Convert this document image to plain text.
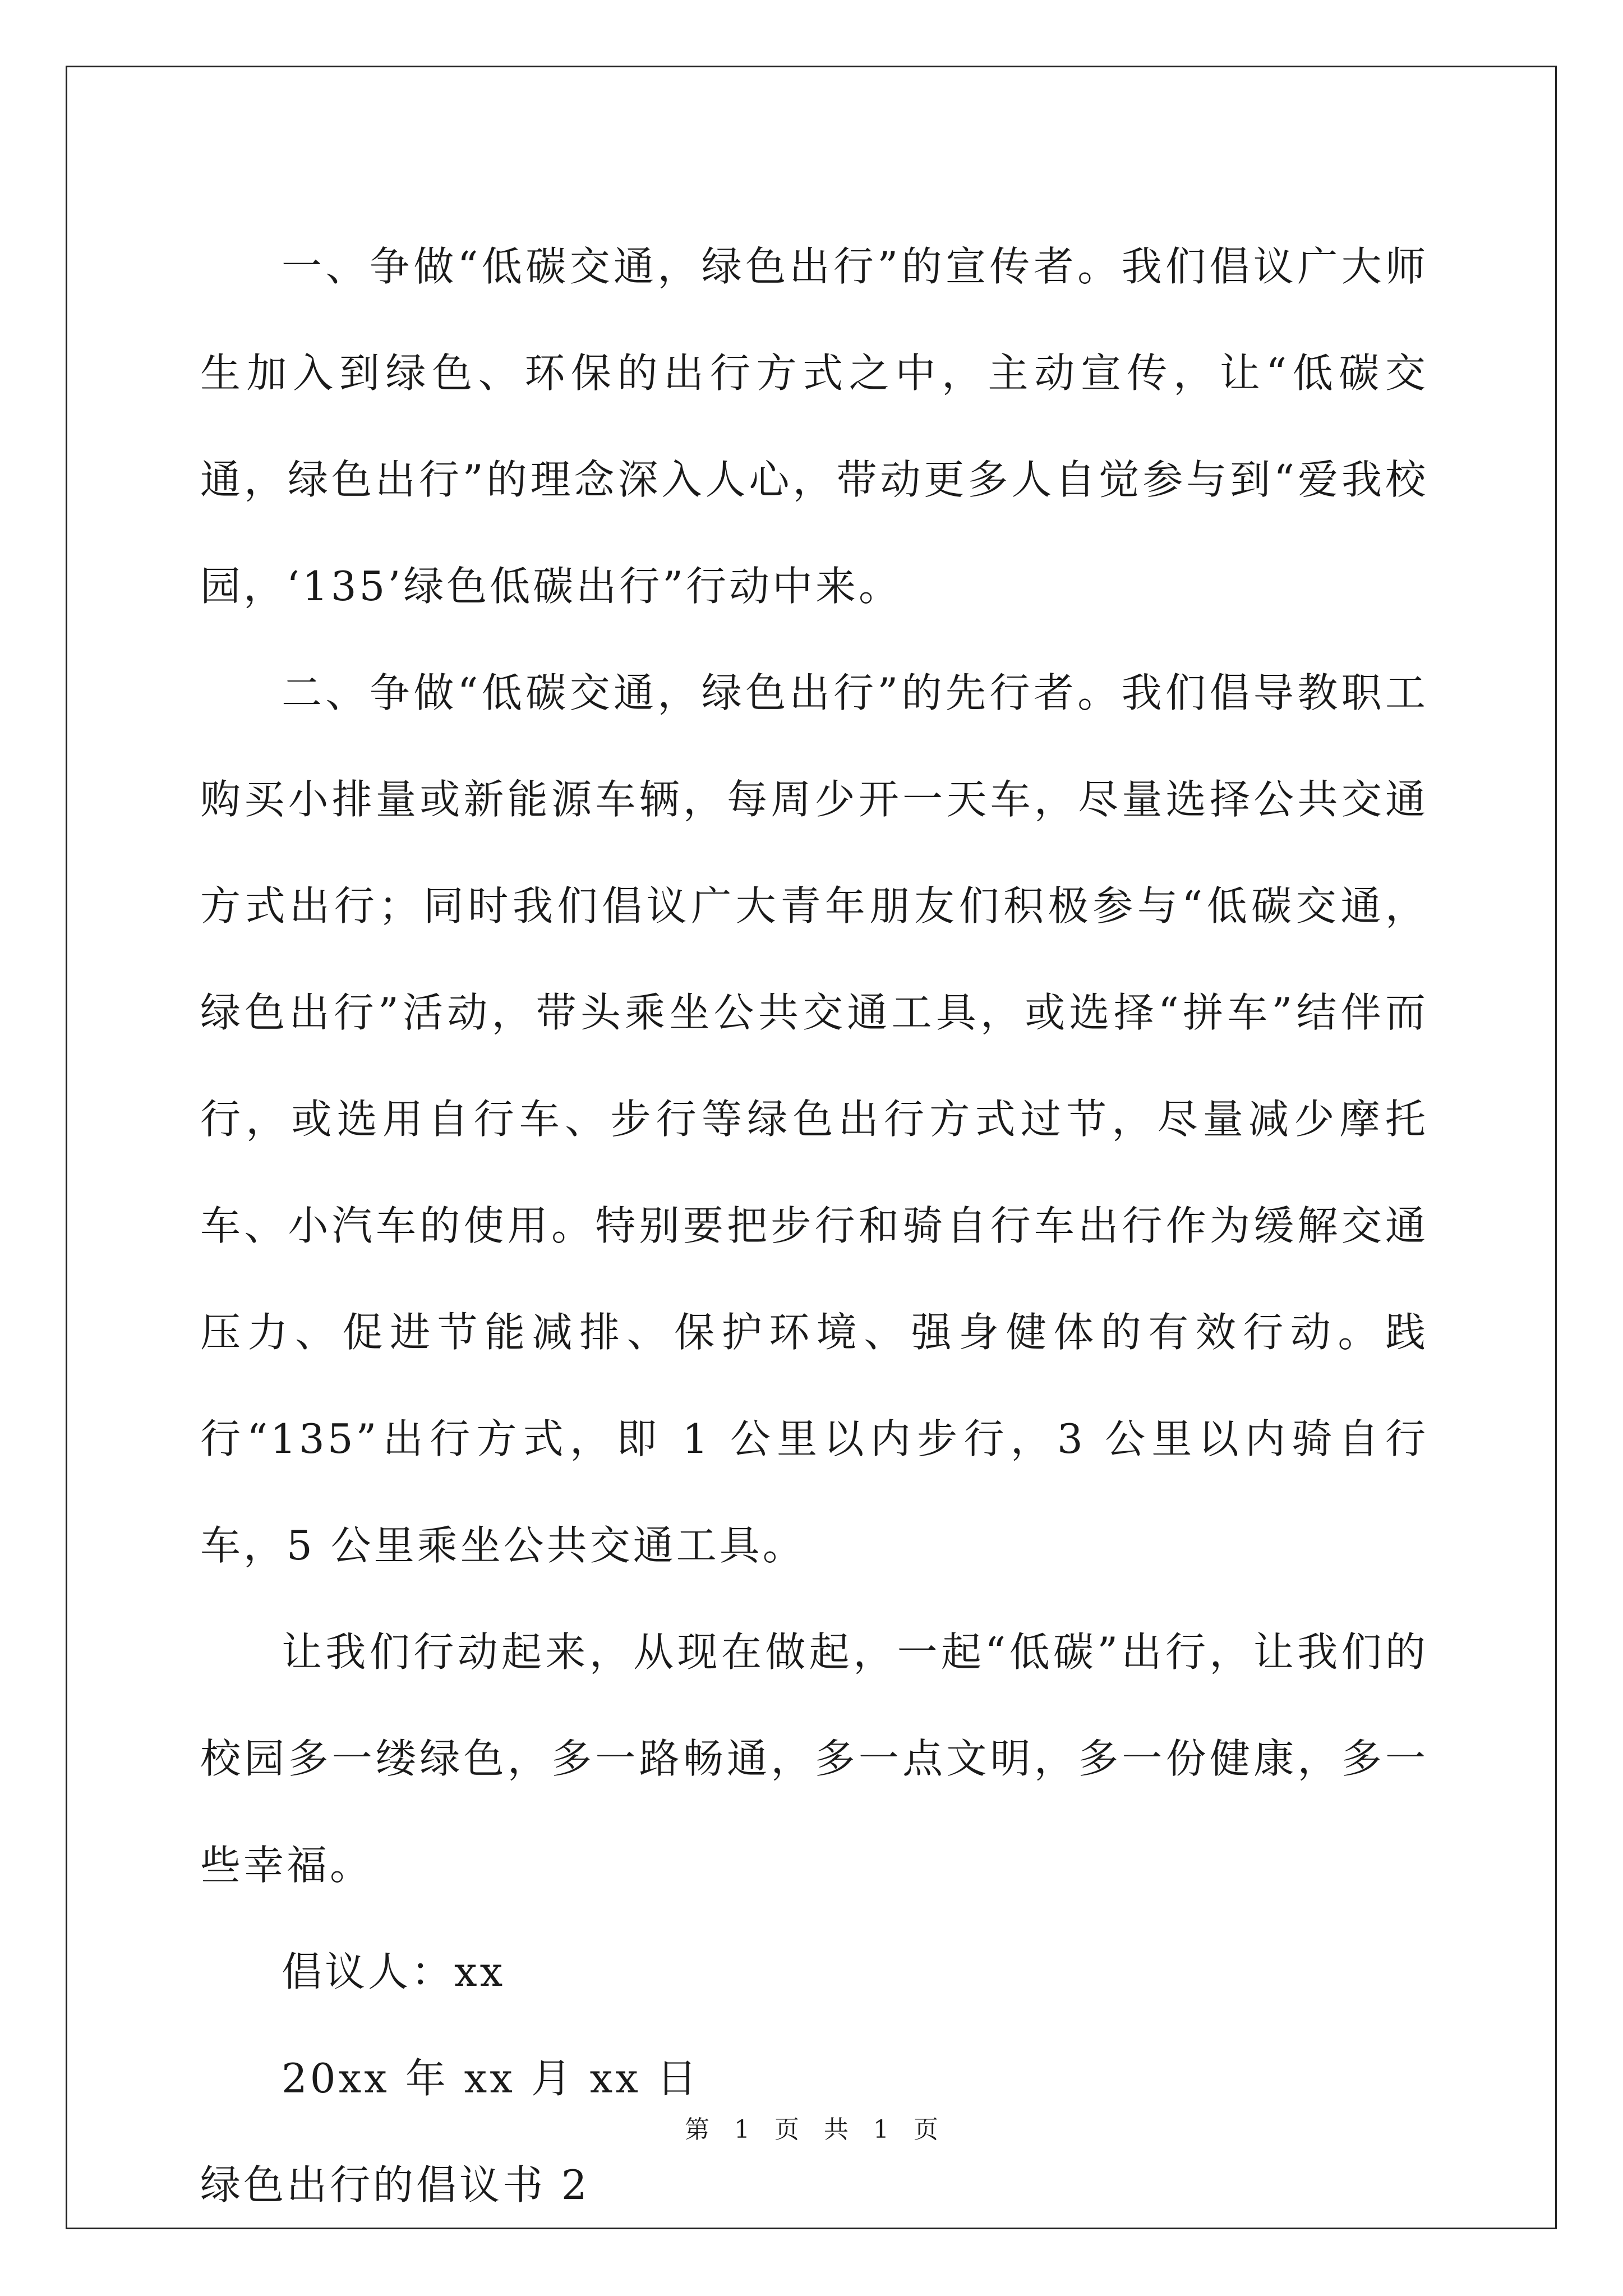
一、争做“低碳交通，绿色出行”的宣传者。我们倡议广大师生加入到绿色、环保的出行方式之中，主动宣传，让“低碳交通，绿色出行”的理念深入人心，带动更多人自觉参与到“爱我校园，‘135’绿色低碳出行”行动中来。

二、争做“低碳交通，绿色出行”的先行者。我们倡导教职工购买小排量或新能源车辆，每周少开一天车，尽量选择公共交通方式出行；同时我们倡议广大青年朋友们积极参与“低碳交通，绿色出行”活动，带头乘坐公共交通工具，或选择“拼车”结伴而行，或选用自行车、步行等绿色出行方式过节，尽量减少摩托车、小汽车的使用。特别要把步行和骑自行车出行作为缓解交通压力、促进节能减排、保护环境、强身健体的有效行动。践行“135”出行方式，即 1 公里以内步行，3 公里以内骑自行车，5 公里乘坐公共交通工具。

让我们行动起来，从现在做起，一起“低碳”出行，让我们的校园多一缕绿色，多一路畅通，多一点文明，多一份健康，多一些幸福。

倡议人：xx

20xx 年 xx 月 xx 日

绿色出行的倡议书 2

第 1 页 共 1 页
